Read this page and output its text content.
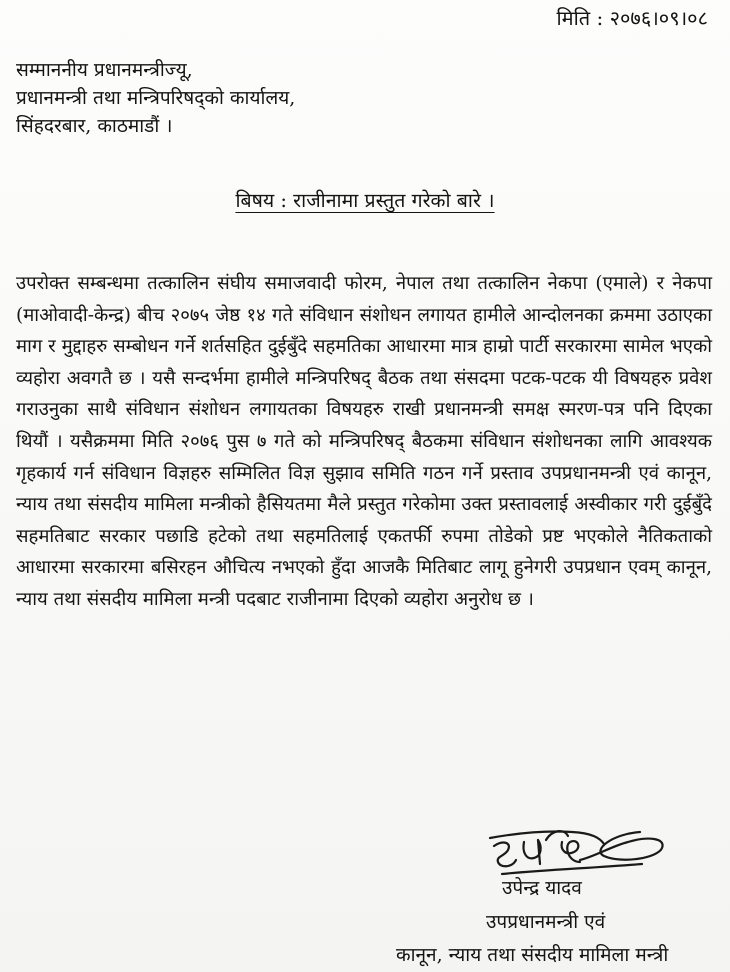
मिति : २०७६।०९।०८
सम्माननीय प्रधानमन्त्रीज्यू,
प्रधानमन्त्री तथा मन्त्रिपरिषद्को कार्यालय,
सिंहदरबार, काठमाडौं ।
बिषय : राजीनामा प्रस्तुत गरेको बारे ।

उपरोक्त सम्बन्धमा तत्कालिन संघीय समाजवादी फोरम, नेपाल तथा तत्कालिन नेकपा (एमाले) र नेकपा (माओवादी-केन्द्र) बीच २०७५ जेष्ठ १४ गते संविधान संशोधन लगायत हामीले आन्दोलनका क्रममा उठाएका माग र मुद्दाहरु सम्बोधन गर्ने शर्तसहित दुईबुँदे सहमतिका आधारमा मात्र हाम्रो पार्टी सरकारमा सामेल भएको व्यहोरा अवगतै छ । यसै सन्दर्भमा हामीले मन्त्रिपरिषद् बैठक तथा संसदमा पटक-पटक यी विषयहरु प्रवेश गराउनुका साथै संविधान संशोधन लगायतका विषयहरु राखी प्रधानमन्त्री समक्ष स्मरण-पत्र पनि दिएका थियौं । यसैक्रममा मिति २०७६ पुस ७ गते को मन्त्रिपरिषद् बैठकमा संविधान संशोधनका लागि आवश्यक गृहकार्य गर्न संविधान विज्ञहरु सम्मिलित विज्ञ सुझाव समिति गठन गर्ने प्रस्ताव उपप्रधानमन्त्री एवं कानून, न्याय तथा संसदीय मामिला मन्त्रीको हैसियतमा मैले प्रस्तुत गरेकोमा उक्त प्रस्तावलाई अस्वीकार गरी दुईबुँदे सहमतिबाट सरकार पछाडि हटेको तथा सहमतिलाई एकतर्फी रुपमा तोडेको प्रष्ट भएकोले नैतिकताको आधारमा सरकारमा बसिरहन औचित्य नभएको हुँदा आजकै मितिबाट लागू हुनेगरी उपप्रधान एवम् कानून, न्याय तथा संसदीय मामिला मन्त्री पदबाट राजीनामा दिएको व्यहोरा अनुरोध छ ।

उपेन्द्र यादव
उपप्रधानमन्त्री एवं
कानून, न्याय तथा संसदीय मामिला मन्त्री
